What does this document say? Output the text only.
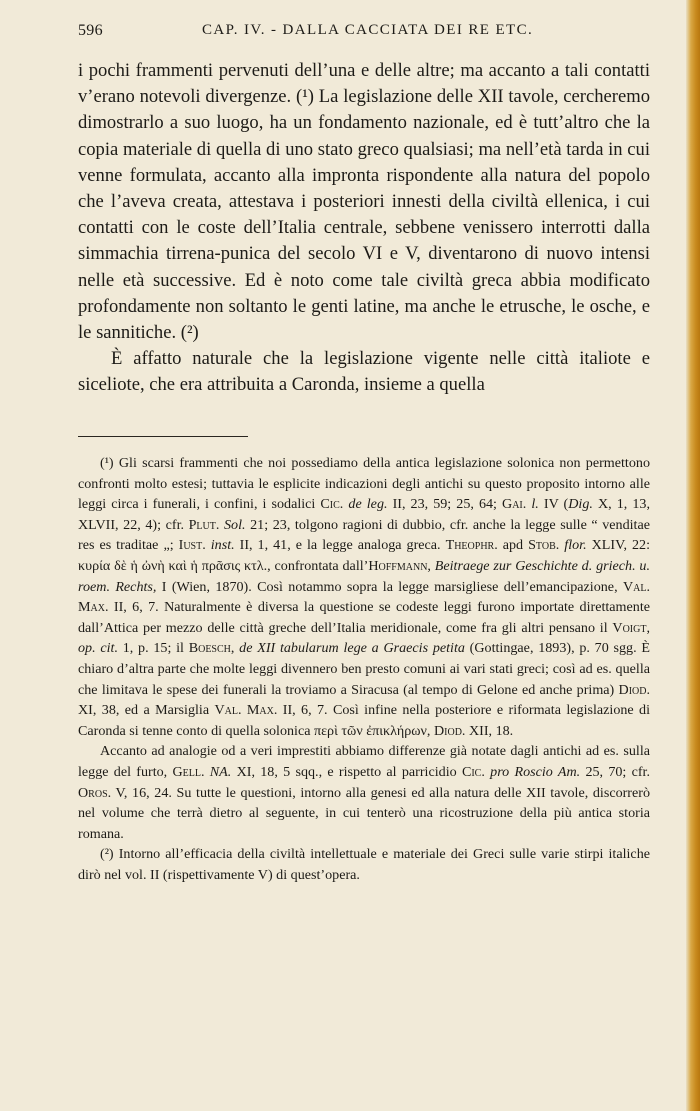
596	CAP. IV. - DALLA CACCIATA DEI RE ETC.

i pochi frammenti pervenuti dell’una e delle altre; ma accanto a tali contatti v’erano notevoli divergenze. (¹) La legislazione delle XII tavole, cercheremo dimostrarlo a suo luogo, ha un fondamento nazionale, ed è tutt’altro che la copia materiale di quella di uno stato greco qualsiasi; ma nell’età tarda in cui venne formulata, accanto alla impronta rispondente alla natura del popolo che l’aveva creata, attestava i posteriori innesti della civiltà ellenica, i cui contatti con le coste dell’Italia centrale, sebbene venissero interrotti dalla simmachia tirrena-punica del secolo VI e V, diventarono di nuovo intensi nelle età successive. Ed è noto come tale civiltà greca abbia modificato profondamente non soltanto le genti latine, ma anche le etrusche, le osche, e le sannitiche. (²)

È affatto naturale che la legislazione vigente nelle città italiote e siceliote, che era attribuita a Caronda, insieme a quella

(¹) Gli scarsi frammenti che noi possediamo della antica legislazione solonica non permettono confronti molto estesi; tuttavia le esplicite indicazioni degli antichi su questo proposito intorno alle leggi circa i funerali, i confini, i sodalici Cic. de leg. II, 23, 59; 25, 64; Gai. l. IV (Dig. X, 1, 13, XLVII, 22, 4); cfr. Plut. Sol. 21; 23, tolgono ragioni di dubbio, cfr. anche la legge sulle “ venditae res es traditae „; Iust. inst. II, 1, 41, e la legge analoga greca. Theophr. apd Stob. flor. XLIV, 22: κυρία δὲ ἡ ὠνὴ καὶ ἡ πρᾶσις κτλ., confrontata dall’Hoffmann, Beitraege zur Geschichte d. griech. u. roem. Rechts, I (Wien, 1870). Così notammo sopra la legge marsigliese dell’emancipazione, Val. Max. II, 6, 7. Naturalmente è diversa la questione se codeste leggi furono importate direttamente dall’Attica per mezzo delle città greche dell’Italia meridionale, come fra gli altri pensano il Voigt, op. cit. 1, p. 15; il Boesch, de XII tabularum lege a Graecis petita (Gottingae, 1893), p. 70 sgg. È chiaro d’altra parte che molte leggi divennero ben presto comuni ai vari stati greci; così ad es. quella che limitava le spese dei funerali la troviamo a Siracusa (al tempo di Gelone ed anche prima) Diod. XI, 38, ed a Marsiglia Val. Max. II, 6, 7. Così infine nella posteriore e riformata legislazione di Caronda si tenne conto di quella solonica περὶ τῶν ἐπικλήρων, Diod. XII, 18.

Accanto ad analogie od a veri imprestiti abbiamo differenze già notate dagli antichi ad es. sulla legge del furto, Gell. NA. XI, 18, 5 sqq., e rispetto al parricidio Cic. pro Roscio Am. 25, 70; cfr. Oros. V, 16, 24. Su tutte le questioni, intorno alla genesi ed alla natura delle XII tavole, discorrerò nel volume che terrà dietro al seguente, in cui tenterò una ricostruzione della più antica storia romana.

(²) Intorno all’efficacia della civiltà intellettuale e materiale dei Greci sulle varie stirpi italiche dirò nel vol. II (rispettivamente V) di quest’opera.
